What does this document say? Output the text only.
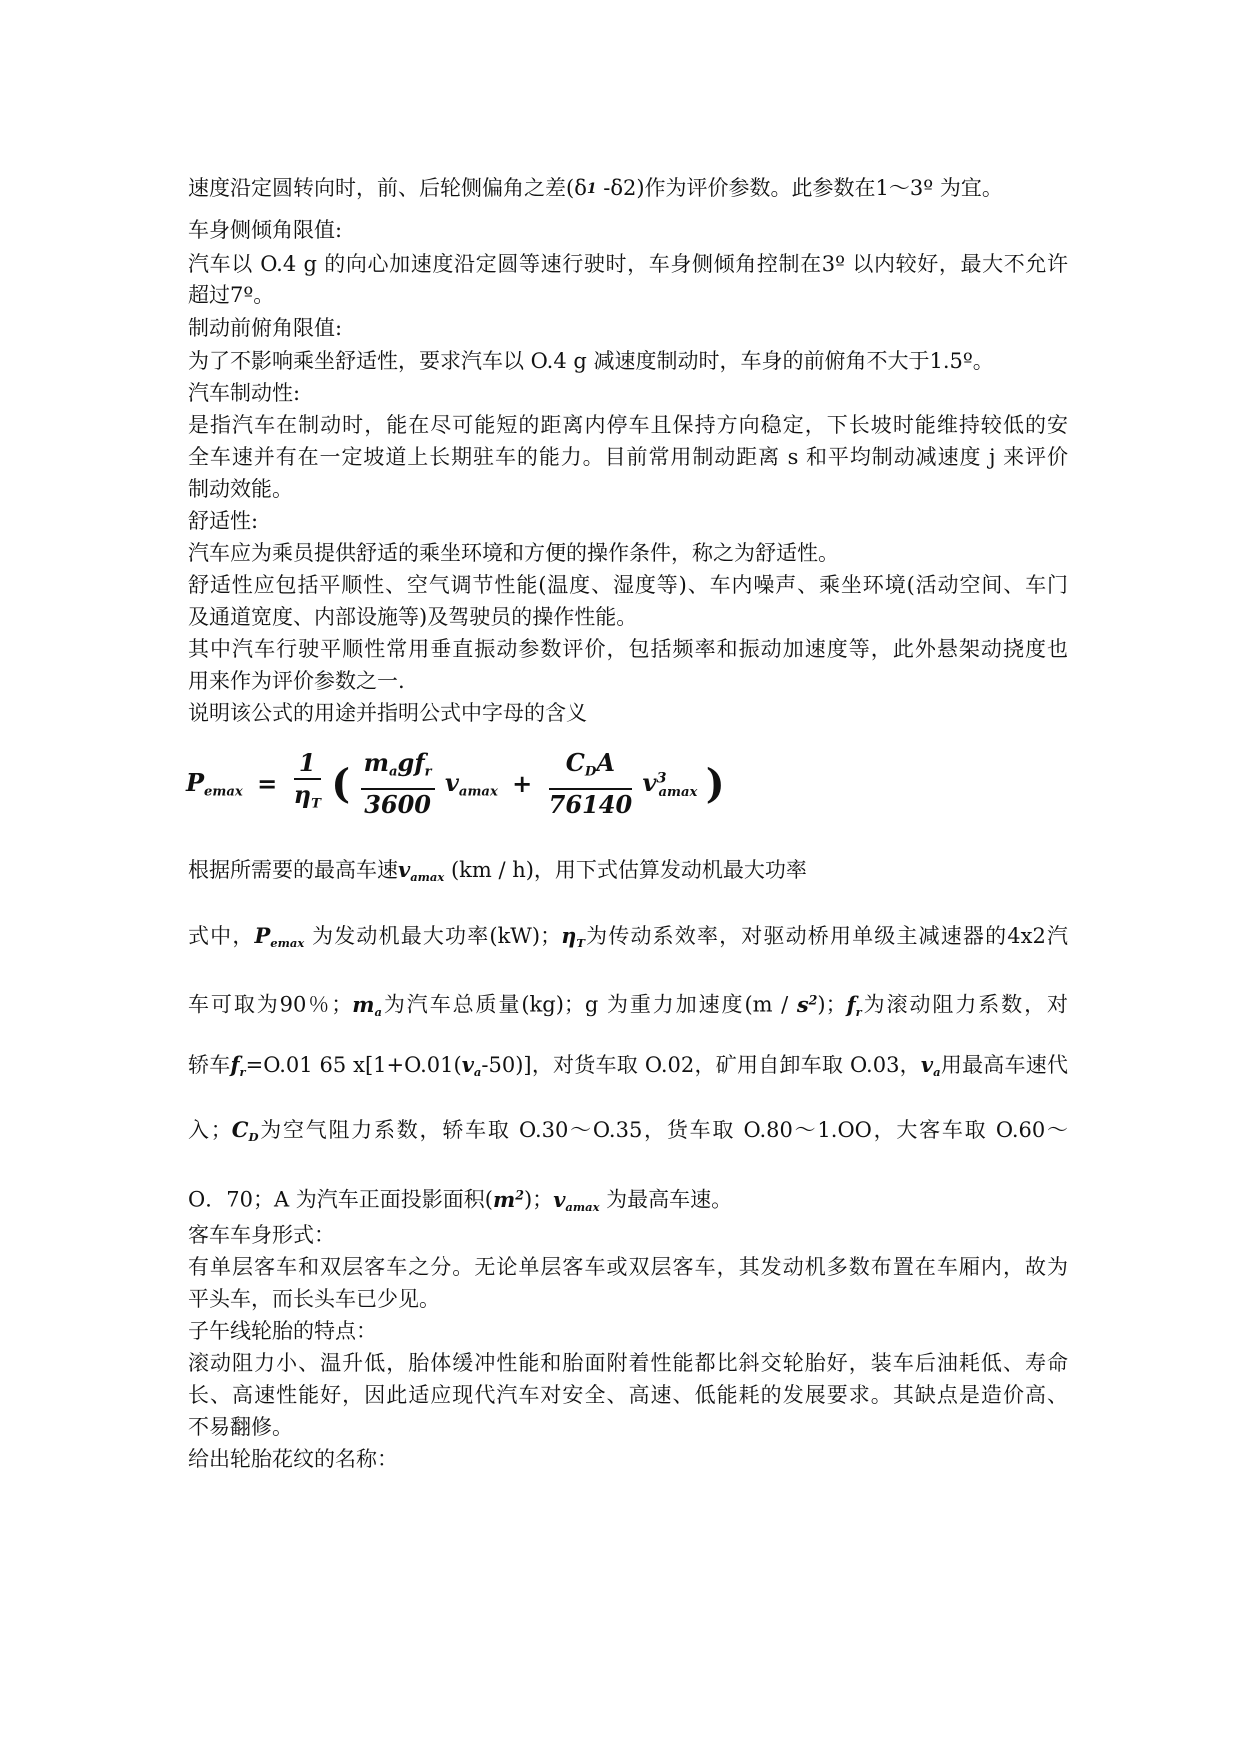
速度沿定圆转向时，前、后轮侧偏角之差(δ1 -δ2)作为评价参数。此参数在1～3º 为宜。
车身侧倾角限值:
汽车以 O.4 g 的向心加速度沿定圆等速行驶时，车身侧倾角控制在3º 以内较好，最大不允许
超过7º。
制动前俯角限值:
为了不影响乘坐舒适性，要求汽车以 O.4 g 减速度制动时，车身的前俯角不大于1.5º。
汽车制动性:
是指汽车在制动时，能在尽可能短的距离内停车且保持方向稳定，下长坡时能维持较低的安
全车速并有在一定坡道上长期驻车的能力。目前常用制动距离 s 和平均制动减速度 j 来评价
制动效能。
舒适性:
汽车应为乘员提供舒适的乘坐环境和方便的操作条件，称之为舒适性。
舒适性应包括平顺性、空气调节性能(温度、湿度等)、车内噪声、乘坐环境(活动空间、车门
及通道宽度、内部设施等)及驾驶员的操作性能。
其中汽车行驶平顺性常用垂直振动参数评价，包括频率和振动加速度等，此外悬架动挠度也
用来作为评价参数之一.
说明该公式的用途并指明公式中字母的含义
$P_{emax} = \frac{1}{\eta_T}$ ( $\frac{m_agf_r}{3600} v_{amax} + \frac{C_DA}{76140} v^3_{amax}$ )
根据所需要的最高车速$v_{amax}$ (km / h)，用下式估算发动机最大功率
式中，$P_{emax}$ 为发动机最大功率(kW)；$\eta_T$为传动系效率，对驱动桥用单级主减速器的4x2汽
车可取为90％；$m_a$为汽车总质量(kg)；g 为重力加速度$(m / s^2)$；$f_r$为滚动阻力系数，对
轿车$f_r=O.01$ 65 $x[1+O.01(v_a-50)]$，对货车取 O.02，矿用自卸车取 O.03，$v_a$用最高车速代
入；$C_D$为空气阻力系数，轿车取 O.30～O.35，货车取 O.80～1.OO，大客车取 O.60～
O．70；A 为汽车正面投影面积$(m^2)$；$v_{amax}$ 为最高车速。
客车车身形式：
有单层客车和双层客车之分。无论单层客车或双层客车，其发动机多数布置在车厢内，故为
平头车，而长头车已少见。
子午线轮胎的特点：
滚动阻力小、温升低，胎体缓冲性能和胎面附着性能都比斜交轮胎好，装车后油耗低、寿命
长、高速性能好，因此适应现代汽车对安全、高速、低能耗的发展要求。其缺点是造价高、
不易翻修。
给出轮胎花纹的名称：
